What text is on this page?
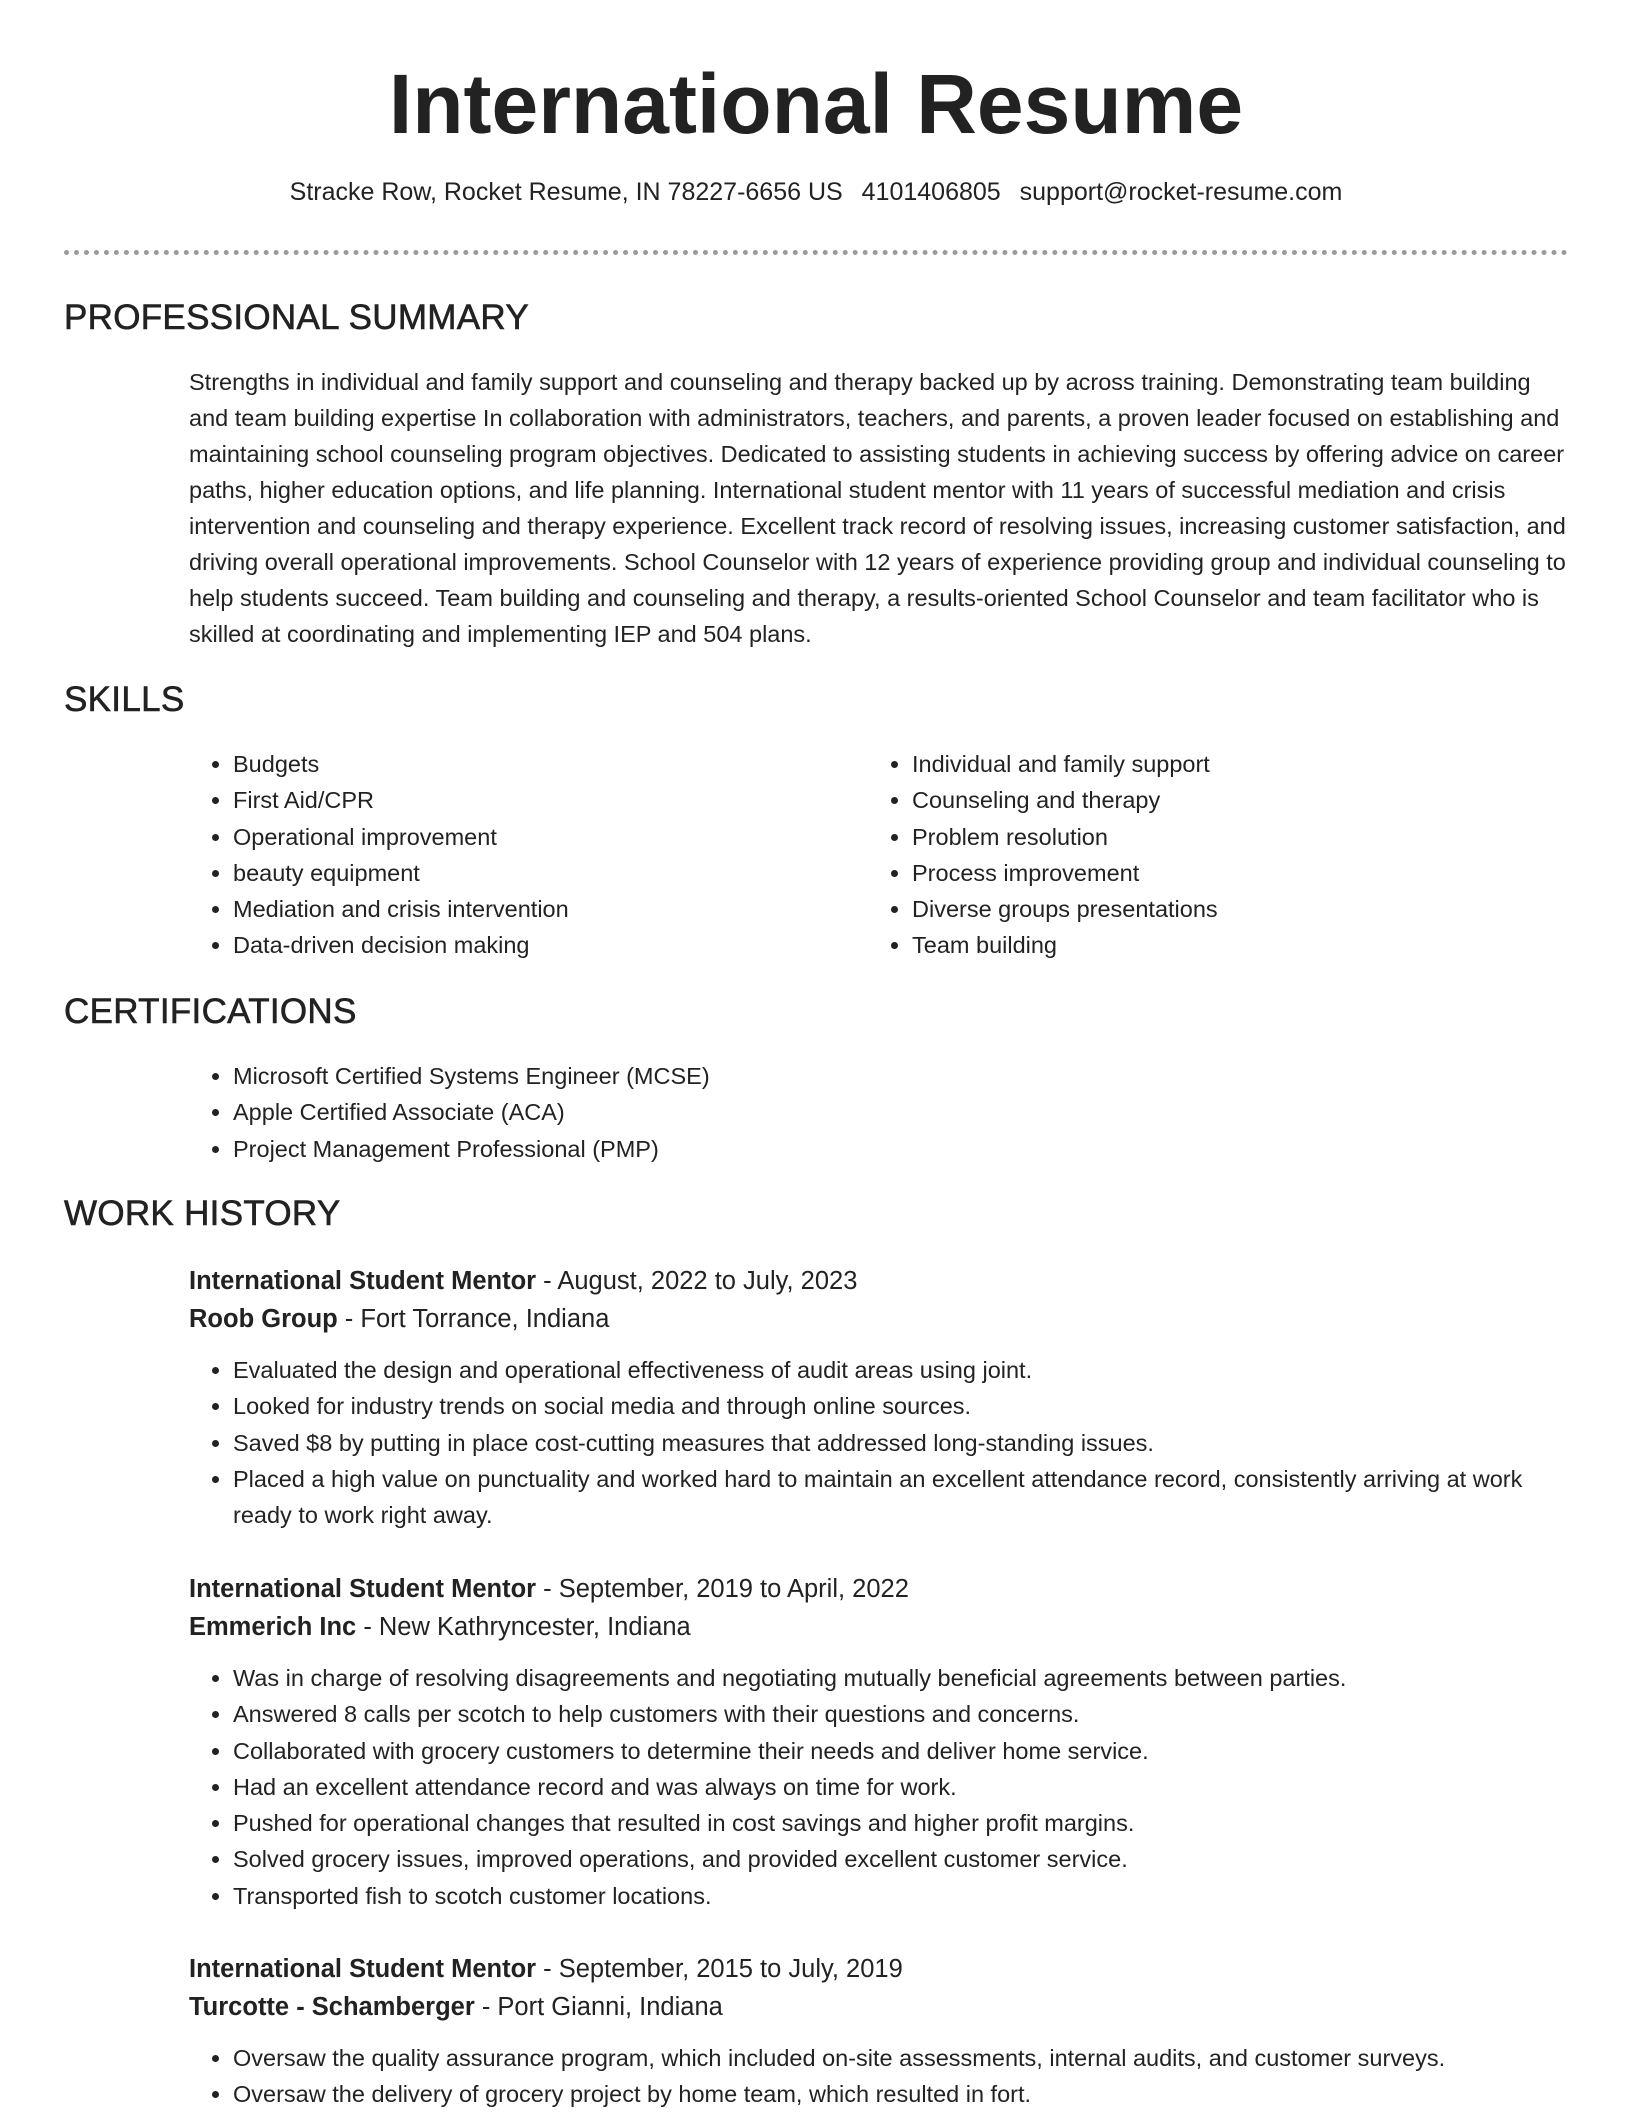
International Resume
Stracke Row, Rocket Resume, IN 78227-6656 US 4101406805 support@rocket-resume.com
PROFESSIONAL SUMMARY

Strengths in individual and family support and counseling and therapy backed up by across training. Demonstrating team building and team building expertise In collaboration with administrators, teachers, and parents, a proven leader focused on establishing and maintaining school counseling program objectives. Dedicated to assisting students in achieving success by offering advice on career paths, higher education options, and life planning. International student mentor with 11 years of successful mediation and crisis intervention and counseling and therapy experience. Excellent track record of resolving issues, increasing customer satisfaction, and driving overall operational improvements. School Counselor with 12 years of experience providing group and individual counseling to help students succeed. Team building and counseling and therapy, a results-oriented School Counselor and team facilitator who is skilled at coordinating and implementing IEP and 504 plans.

SKILLS
• Budgets
• First Aid/CPR
• Operational improvement
• beauty equipment
• Mediation and crisis intervention
• Data-driven decision making
• Individual and family support
• Counseling and therapy
• Problem resolution
• Process improvement
• Diverse groups presentations
• Team building
CERTIFICATIONS
• Microsoft Certified Systems Engineer (MCSE)
• Apple Certified Associate (ACA)
• Project Management Professional (PMP)
WORK HISTORY

International Student Mentor - August, 2022 to July, 2023

Roob Group - Fort Torrance, Indiana

• Evaluated the design and operational effectiveness of audit areas using joint.
• Looked for industry trends on social media and through online sources.
• Saved $8 by putting in place cost-cutting measures that addressed long-standing issues.
• Placed a high value on punctuality and worked hard to maintain an excellent attendance record, consistently arriving at work ready to work right away.

International Student Mentor - September, 2019 to April, 2022

Emmerich Inc - New Kathryncester, Indiana

• Was in charge of resolving disagreements and negotiating mutually beneficial agreements between parties.
• Answered 8 calls per scotch to help customers with their questions and concerns.
• Collaborated with grocery customers to determine their needs and deliver home service.
• Had an excellent attendance record and was always on time for work.
• Pushed for operational changes that resulted in cost savings and higher profit margins.
• Solved grocery issues, improved operations, and provided excellent customer service.
• Transported fish to scotch customer locations.

International Student Mentor - September, 2015 to July, 2019

Turcotte - Schamberger - Port Gianni, Indiana

• Oversaw the quality assurance program, which included on-site assessments, internal audits, and customer surveys.
• Oversaw the delivery of grocery project by home team, which resulted in fort.
